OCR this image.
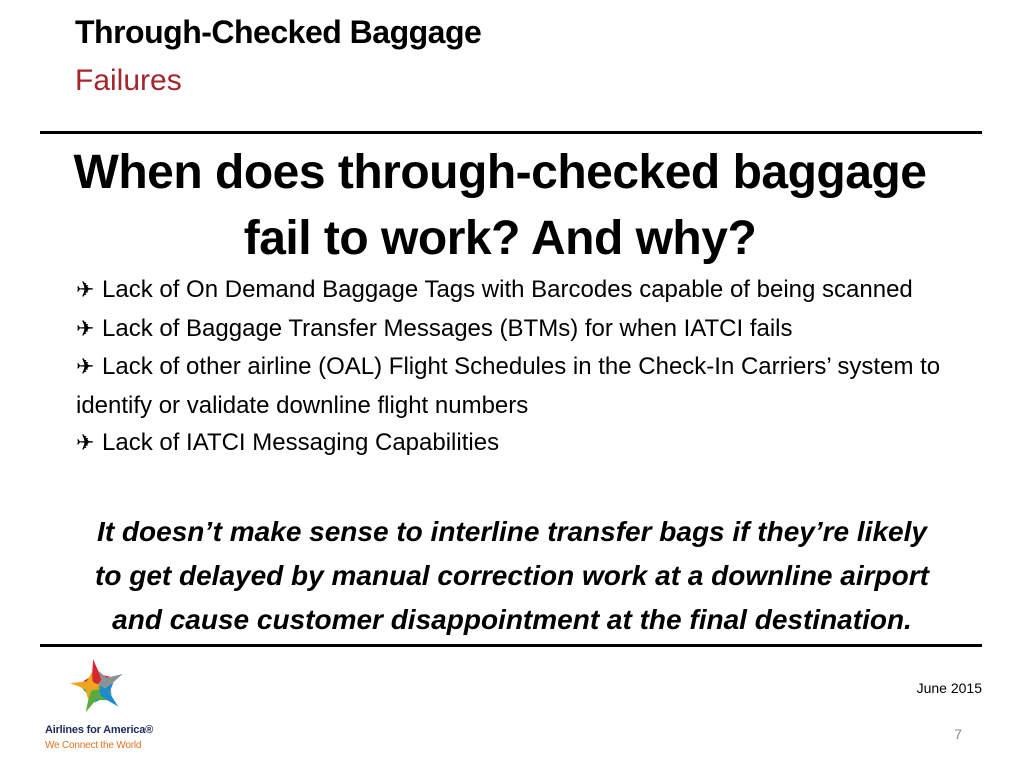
Through-Checked Baggage
Failures
When does through-checked baggage
fail to work? And why?
✈ Lack of On Demand Baggage Tags with Barcodes capable of being scanned
✈ Lack of Baggage Transfer Messages (BTMs) for when IATCI fails
✈ Lack of other airline (OAL) Flight Schedules in the Check-In Carriers’ system to identify or validate downline flight numbers
✈ Lack of IATCI Messaging Capabilities
It doesn’t make sense to interline transfer bags if they’re likely
to get delayed by manual correction work at a downline airport
and cause customer disappointment at the final destination.
Airlines for America®
We Connect the World
June 2015
7
